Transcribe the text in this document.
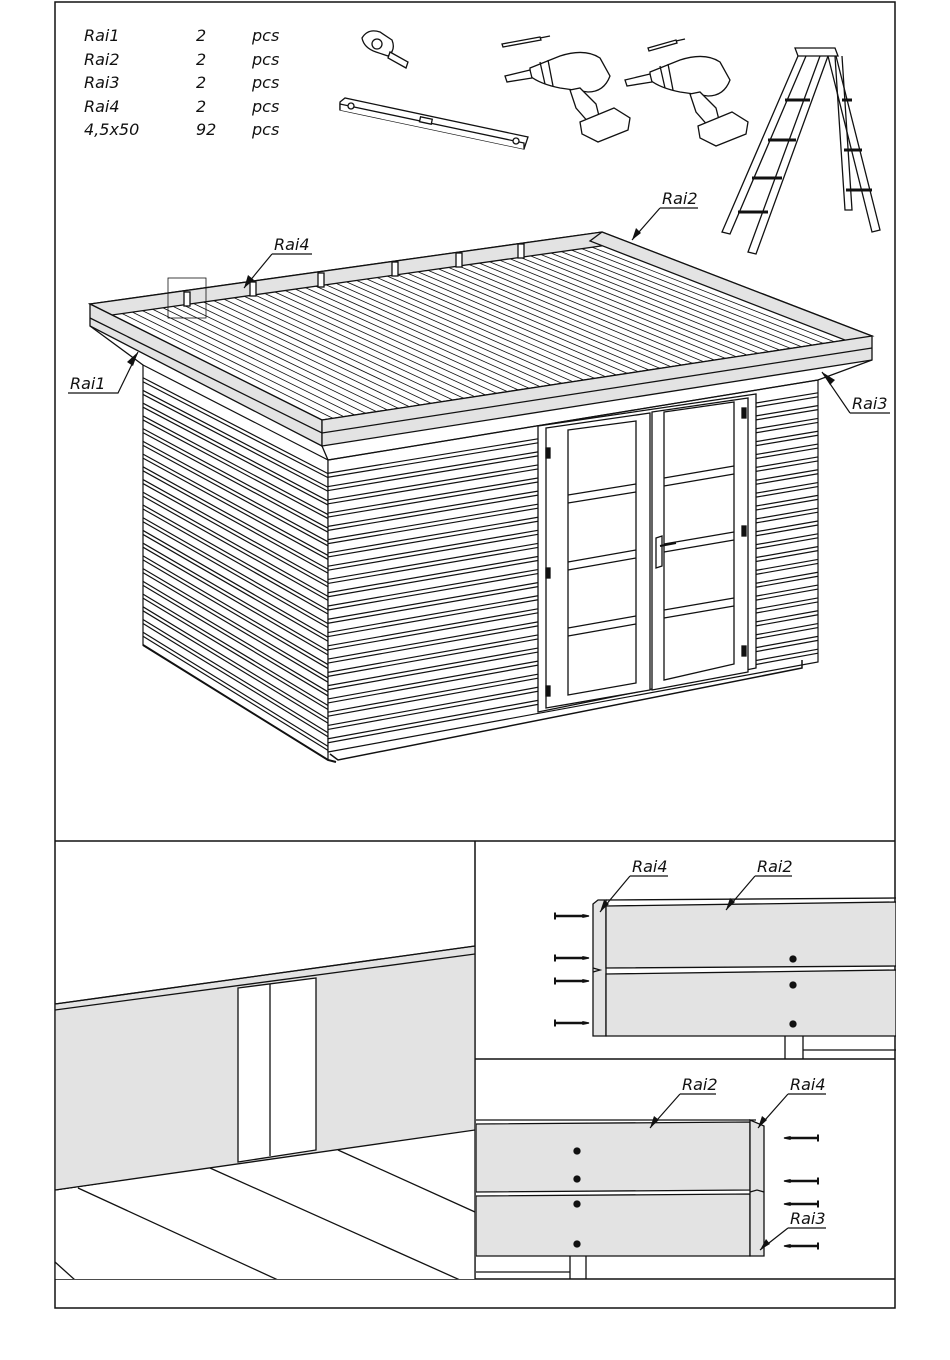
Rai1
Rai4
Rai2
Rai3
Rai4	Rai2
Rai2	Rai4
Rai3
Rai1	2	pcs
Rai2	2	pcs
Rai3	2	pcs
Rai4	2	pcs
4,5x50	92 pcs
